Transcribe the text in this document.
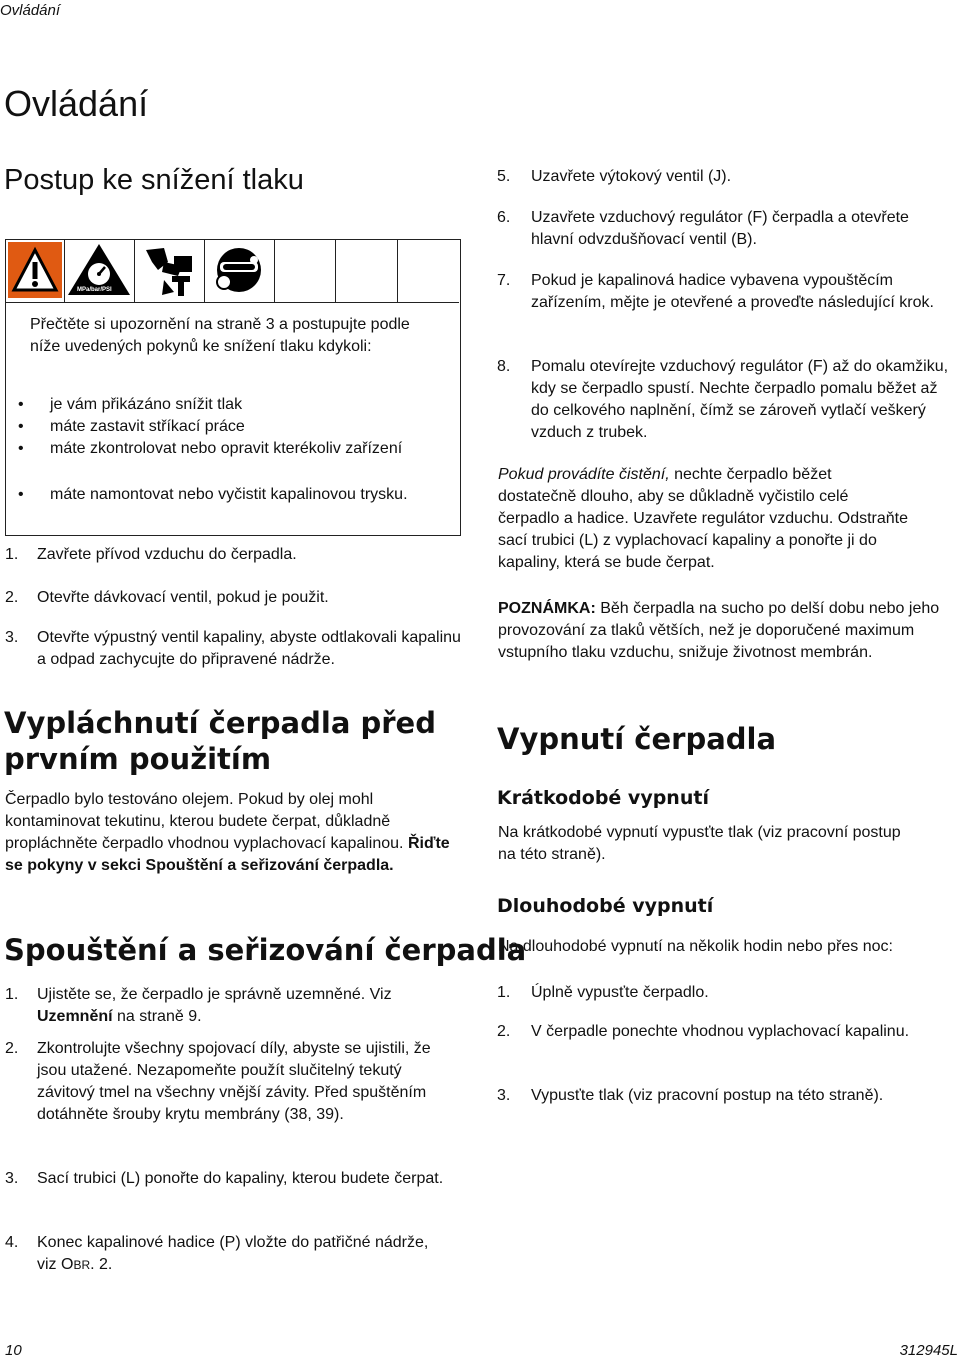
Ovládání
Ovládání
Postup ke snížení tlaku
MPa/bar/PSI

Přečtěte si upozornění na straně 3 a postupujte podle níže uvedených pokynů ke snížení tlaku kdykoli:

• je vám přikázáno snížit tlak
• máte zastavit stříkací práce
• máte zkontrolovat nebo opravit kterékoliv zařízení
• máte namontovat nebo vyčistit kapalinovou trysku.
1. Zavřete přívod vzduchu do čerpadla.
2. Otevřte dávkovací ventil, pokud je použit.
3. Otevřte výpustný ventil kapaliny, abyste odtlakovali kapalinu a odpad zachycujte do připravené nádrže.
Vypláchnutí čerpadla před prvním použitím
Čerpadlo bylo testováno olejem. Pokud by olej mohl kontaminovat tekutinu, kterou budete čerpat, důkladně propláchněte čerpadlo vhodnou vyplachovací kapalinou. Řiďte se pokyny v sekci Spouštění a seřizování čerpadla.
Spouštění a seřizování čerpadla
1. Ujistěte se, že čerpadlo je správně uzemněné. Viz Uzemnění na straně 9.
2. Zkontrolujte všechny spojovací díly, abyste se ujistili, že jsou utažené. Nezapomeňte použít slučitelný tekutý závitový tmel na všechny vnější závity. Před spuštěním dotáhněte šrouby krytu membrány (38, 39).
3. Sací trubici (L) ponořte do kapaliny, kterou budete čerpat.
4. Konec kapalinové hadice (P) vložte do patřičné nádrže, viz OBR. 2.
5. Uzavřete výtokový ventil (J).
6. Uzavřete vzduchový regulátor (F) čerpadla a otevřete hlavní odvzdušňovací ventil (B).
7. Pokud je kapalinová hadice vybavena vypouštěcím zařízením, mějte je otevřené a proveďte následující krok.
8. Pomalu otevírejte vzduchový regulátor (F) až do okamžiku, kdy se čerpadlo spustí. Nechte čerpadlo pomalu běžet až do celkového naplnění, čímž se zároveň vytlačí veškerý vzduch z trubek.
Pokud provádíte čistění, nechte čerpadlo běžet dostatečně dlouho, aby se důkladně vyčistilo celé čerpadlo a hadice. Uzavřete regulátor vzduchu. Odstraňte sací trubici (L) z vyplachovací kapaliny a ponořte ji do kapaliny, která se bude čerpat.
POZNÁMKA: Běh čerpadla na sucho po delší dobu nebo jeho provozování za tlaků větších, než je doporučené maximum vstupního tlaku vzduchu, snižuje životnost membrán.
Vypnutí čerpadla
Krátkodobé vypnutí
Na krátkodobé vypnutí vypusťte tlak (viz pracovní postup na této straně).
Dlouhodobé vypnutí
Na dlouhodobé vypnutí na několik hodin nebo přes noc:
1. Úplně vypusťte čerpadlo.
2. V čerpadle ponechte vhodnou vyplachovací kapalinu.
3. Vypusťte tlak (viz pracovní postup na této straně).
10	312945L
